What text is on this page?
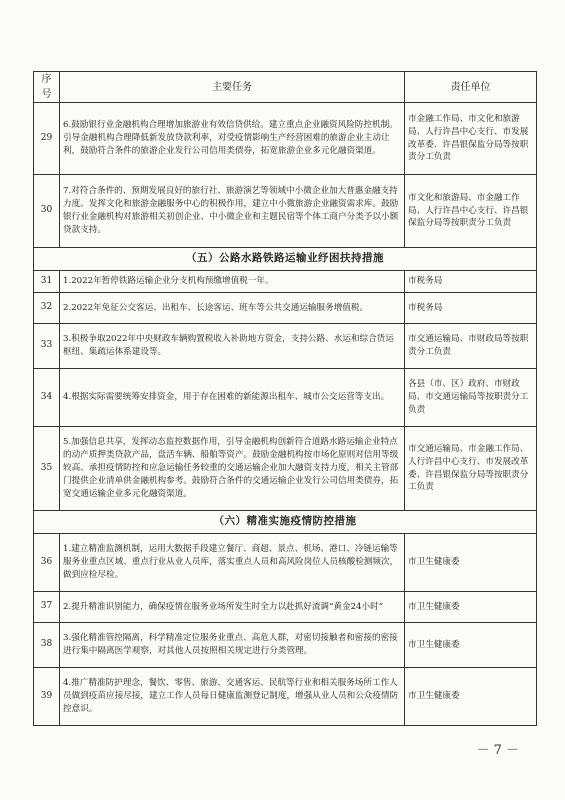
序号	主要任务	责任单位
29	6.鼓励银行业金融机构合理增加旅游业有效信贷供给。建立重点企业融资风险防控机制。引导金融机构合理降低新发放贷款利率，对受疫情影响生产经营困难的旅游企业主动让利，鼓励符合条件的旅游企业发行公司信用类债券，拓宽旅游企业多元化融资渠道。	市金融工作局、市文化和旅游局、人行许昌中心支行、市发展改革委、许昌银保监分局等按职责分工负责
30	7.对符合条件的、预期发展良好的旅行社、旅游演艺等领域中小微企业加大普惠金融支持力度。发挥文化和旅游金融服务中心的积极作用，建立中小微旅游企业融资需求库。鼓励银行业金融机构对旅游相关初创企业、中小微企业和主题民宿等个体工商户分类予以小额贷款支持。	市文化和旅游局、市金融工作局、人行许昌中心支行、许昌银保监分局等按职责分工负责
（五）公路水路铁路运输业纾困扶持措施		
31	1.2022年暂停铁路运输企业分支机构预缴增值税一年。	市税务局
32	2.2022年免征公交客运、出租车、长途客运、班车等公共交通运输服务增值税。	市税务局
33	3.积极争取2022年中央财政车辆购置税收入补助地方资金，支持公路、水运和综合货运枢纽、集疏运体系建设等。	市交通运输局、市财政局等按职责分工负责
34	4.根据实际需要统筹安排资金，用于存在困难的新能源出租车、城市公交运营等支出。	各县（市、区）政府、市财政局、市交通运输局等按职责分工负责
35	5.加强信息共享，发挥动态监控数据作用，引导金融机构创新符合道路水路运输企业特点的动产质押类贷款产品，盘活车辆、船舶等资产。鼓励金融机构按市场化原则对信用等级较高、承担疫情防控和应急运输任务较重的交通运输企业加大融资支持力度，相关主管部门提供企业清单供金融机构参考。鼓励符合条件的交通运输企业发行公司信用类债券，拓宽交通运输企业多元化融资渠道。	市交通运输局、市金融工作局、人行许昌中心支行、市发展改革委、许昌银保监分局等按职责分工负责
（六）精准实施疫情防控措施		
36	1.建立精准监测机制，运用大数据手段建立餐厅、商超、景点、机场、港口、冷链运输等服务业重点区域、重点行业从业人员库，落实重点人员和高风险岗位人员核酸检测频次，做到应检尽检。	市卫生健康委
37	2.提升精准识别能力，确保疫情在服务业场所发生时全力以赴抓好流调“黄金24小时”	市卫生健康委
38	3.强化精准管控隔离，科学精准定位服务业重点、高危人群，对密切接触者和密接的密接进行集中隔离医学观察，对其他人员按照相关规定进行分类管理。	市卫生健康委
39	4.推广精准防护理念，餐饮、零售、旅游、交通客运、民航等行业和相关服务场所工作人员做到疫苗应接尽接，建立工作人员每日健康监测登记制度，增强从业人员和公众疫情防控意识。	市卫生健康委
－ 7 －
